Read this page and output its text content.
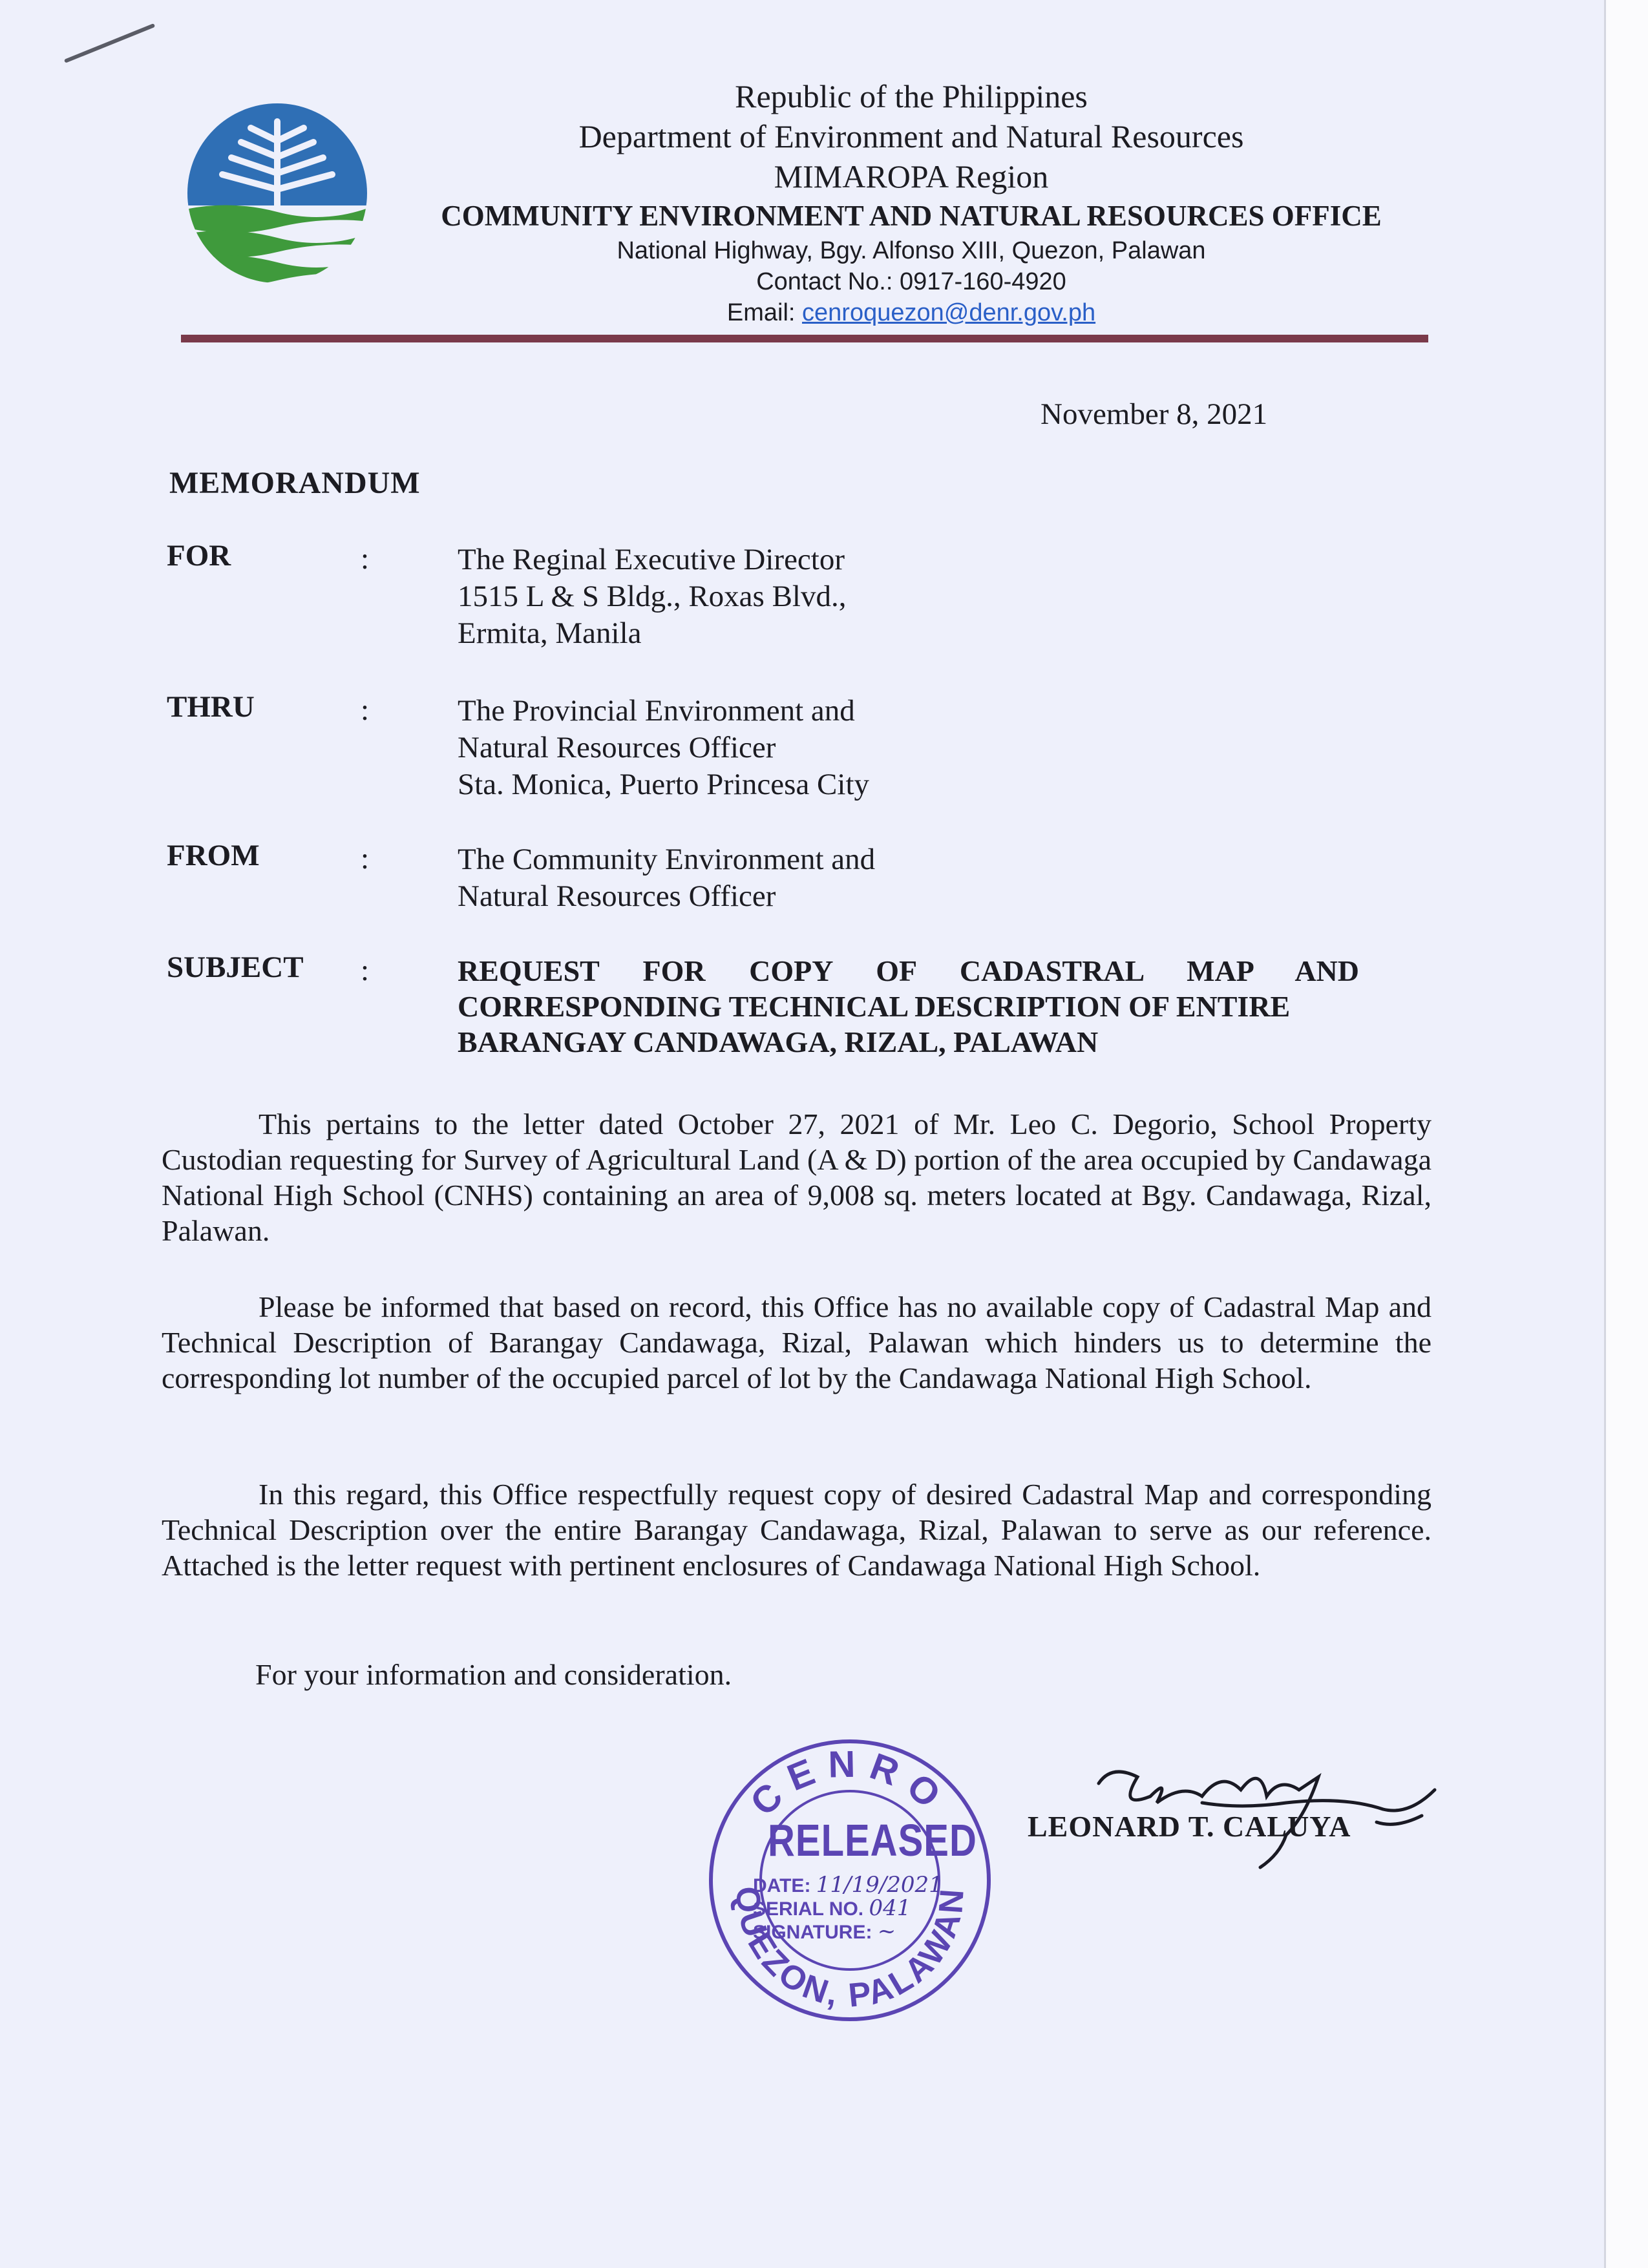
Republic of the Philippines
Department of Environment and Natural Resources
MIMAROPA Region
COMMUNITY ENVIRONMENT AND NATURAL RESOURCES OFFICE
National Highway, Bgy. Alfonso XIII, Quezon, Palawan
Contact No.: 0917-160-4920
Email: cenroquezon@denr.gov.ph
November 8, 2021
MEMORANDUM
FOR	:	The Reginal Executive Director
1515 L & S Bldg., Roxas Blvd.,
Ermita, Manila
THRU	:	The Provincial Environment and
Natural Resources Officer
Sta. Monica, Puerto Princesa City
FROM	:	The Community Environment and
Natural Resources Officer
SUBJECT :	REQUEST FOR COPY OF CADASTRAL MAP AND
CORRESPONDING TECHNICAL DESCRIPTION OF ENTIRE
BARANGAY CANDAWAGA, RIZAL, PALAWAN
This pertains to the letter dated October 27, 2021 of Mr. Leo C. Degorio, School Property Custodian requesting for Survey of Agricultural Land (A & D) portion of the area occupied by Candawaga National High School (CNHS) containing an area of 9,008 sq. meters located at Bgy. Candawaga, Rizal, Palawan.
Please be informed that based on record, this Office has no available copy of Cadastral Map and Technical Description of Barangay Candawaga, Rizal, Palawan which hinders us to determine the corresponding lot number of the occupied parcel of lot by the Candawaga National High School.
In this regard, this Office respectfully request copy of desired Cadastral Map and corresponding Technical Description over the entire Barangay Candawaga, Rizal, Palawan to serve as our reference. Attached is the letter request with pertinent enclosures of Candawaga National High School.
For your information and consideration.
CENRO
QUEZON, PALAWAN
RELEASED
DATE: 11/19/2021
SERIAL NO. 041
SIGNATURE: ~
LEONARD T. CALUYA
